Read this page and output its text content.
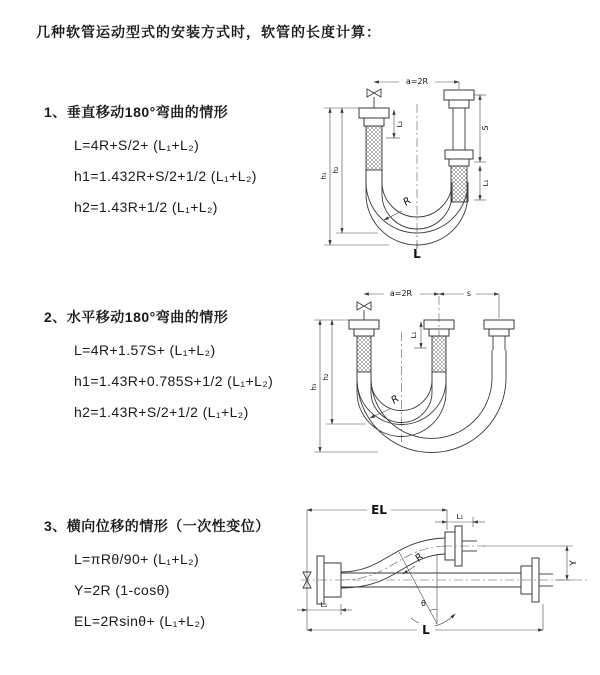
几种软管运动型式的安装方式时，软管的长度计算：
1、垂直移动180°弯曲的情形
L=4R+S/2+ (L₁+L₂)
h1=1.432R+S/2+1/2 (L₁+L₂)
h2=1.43R+1/2 (L₁+L₂)
2、水平移动180°弯曲的情形
L=4R+1.57S+ (L₁+L₂)
h1=1.43R+0.785S+1/2 (L₁+L₂)
h2=1.43R+S/2+1/2 (L₁+L₂)
3、横向位移的情形（一次性变位）
L=πRθ/90+ (L₁+L₂)
Y=2R (1-cosθ)
EL=2Rsinθ+ (L₁+L₂)
a=2R
L₁
S
L₁
h₁
h₂
R
L
a=2R	s
L₁
h₁
h₂
R
EL	L₁
Y
θ
R
L
L₁
